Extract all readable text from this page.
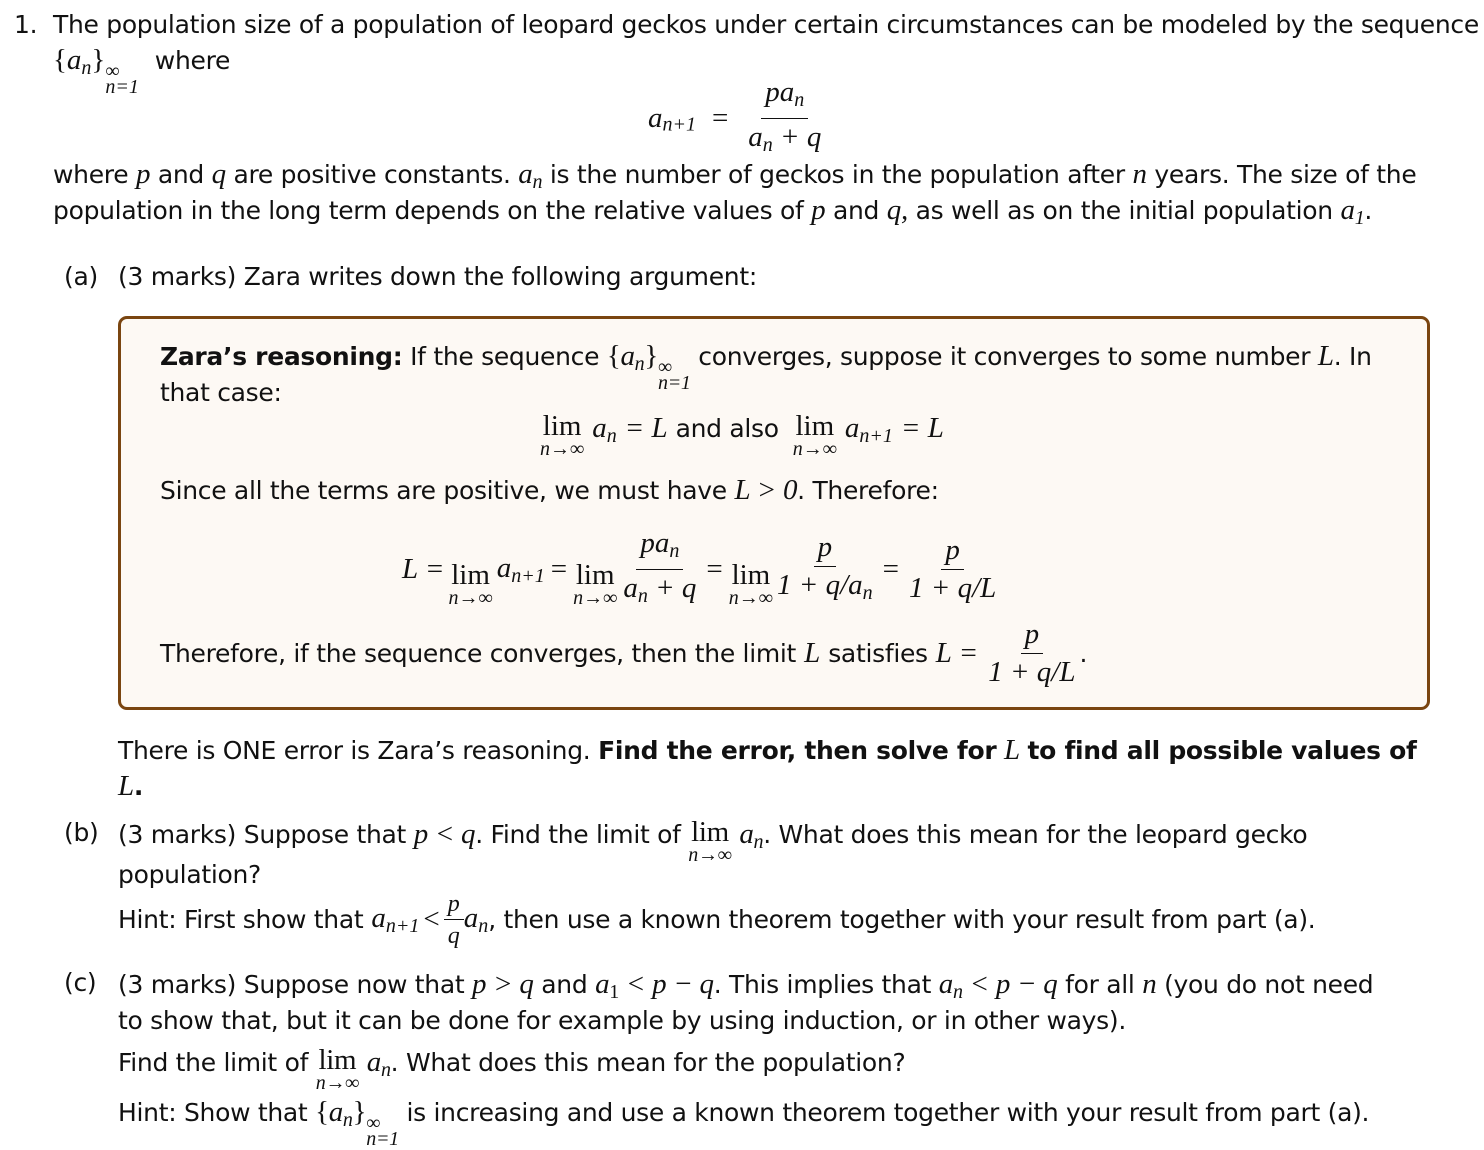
1. The population size of a population of leopard geckos under certain circumstances can be modeled by the sequence
$\{a_n\}$ ∞
n=1
where
$a_{n+1} = \frac{pa_n}{a_n + q}$
where p and q are positive constants. $a_n$ is the number of geckos in the population after n years. The size of the
population in the long term depends on the relative values of p and q, as well as on the initial population $a_1$.
(a) (3 marks) Zara writes down the following argument:
Zara’s reasoning: If the sequence $\{a_n\}$ ∞
n=1
converges, suppose it converges to some number L. In
that case:
lim
n→∞
$a_n = L$ and also lim
n→∞
$a_{n+1} = L$
Since all the terms are positive, we must have L > 0. Therefore:
L = lim
n→∞
$a_{n+1} = \lim$
$n\to\infty \frac{pa_n}{a_n + q} = \lim$
$n\to\infty \frac{p}{1 + q/a_n} = \frac{p}{1 + q/L}$
Therefore, if the sequence converges, then the limit L satisfies $L = \frac{p}{1 + q/L}$ .
There is ONE error is Zara’s reasoning. Find the error, then solve for L to find all possible values of
L.
(b) (3 marks) Suppose that p < q. Find the limit of lim
n→∞
$a_n$. What does this mean for the leopard gecko
population?
Hint: First show that $a_{n+1} < \frac{p}{q} a_n$ , then use a known theorem together with your result from part (a).
(c) (3 marks) Suppose now that p > q and $a_1 < p - q$. This implies that $a_n < p - q$ for all n (you do not need
to show that, but it can be done for example by using induction, or in other ways).
Find the limit of lim
n→∞
$a_n$. What does this mean for the population?
Hint: Show that $\{a_n\}$ ∞
n=1
is increasing and use a known theorem together with your result from part (a).
